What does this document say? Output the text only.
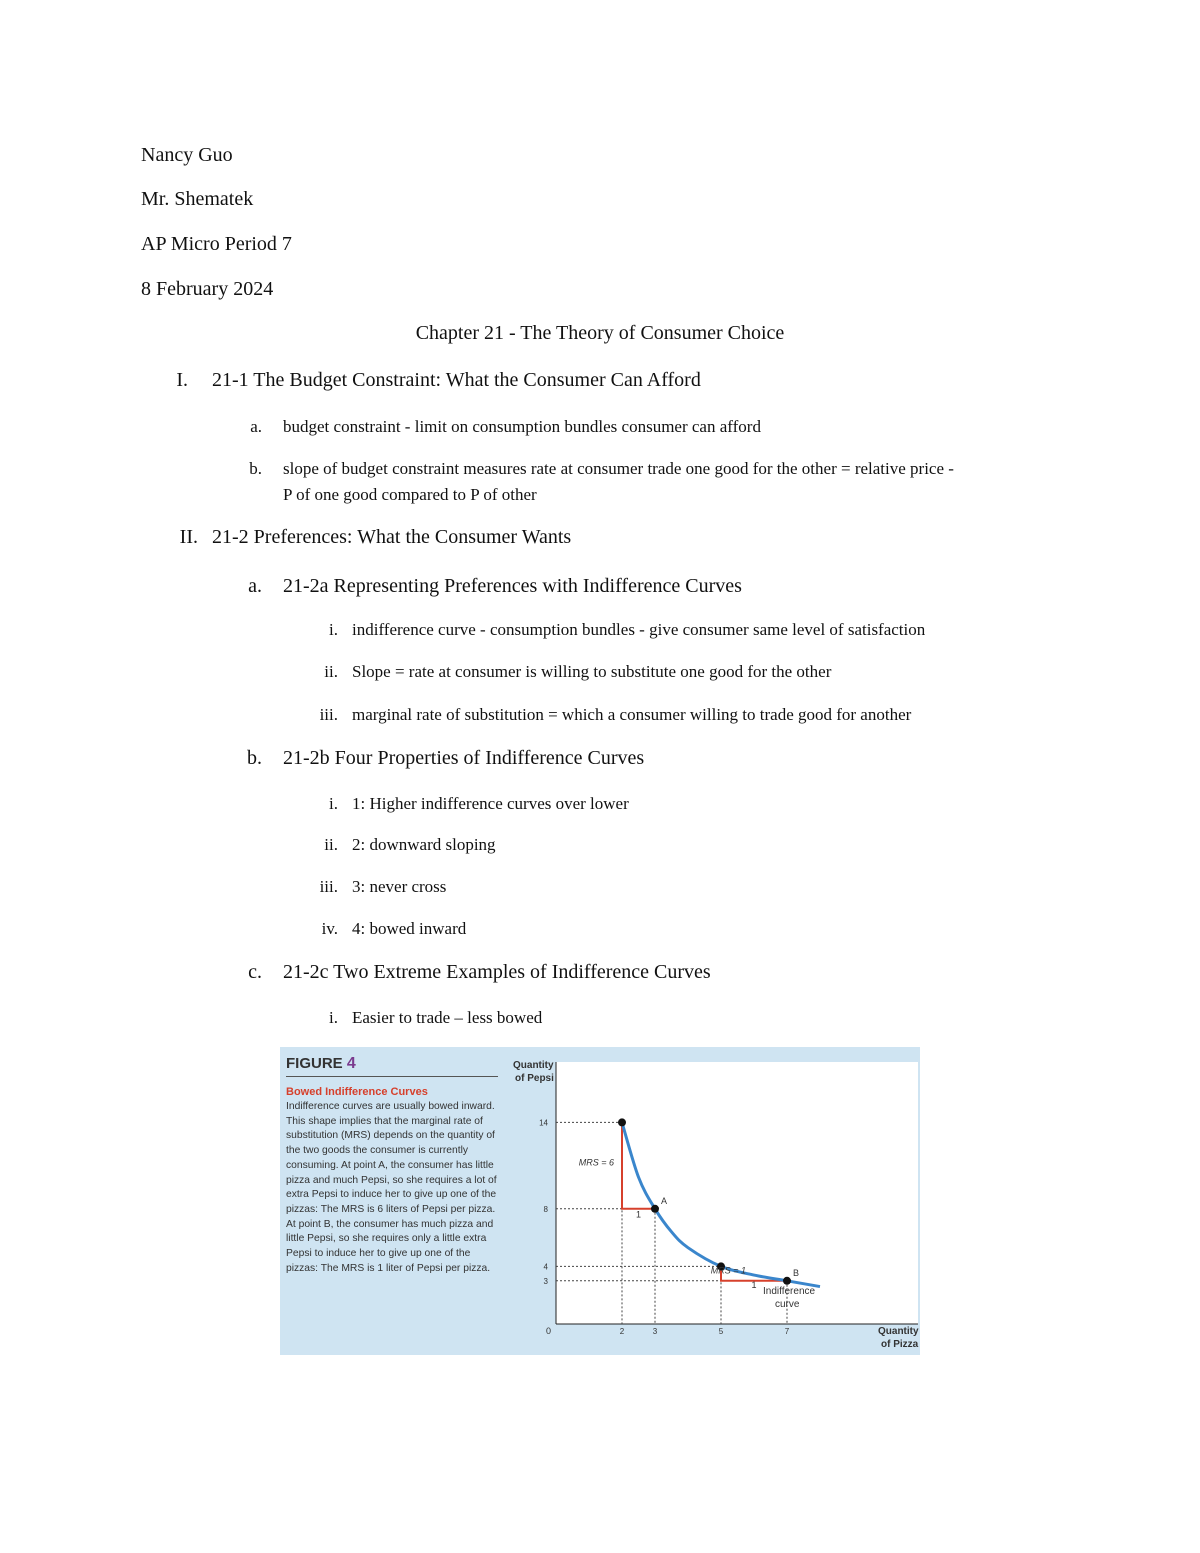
Nancy Guo
Mr. Shematek
AP Micro Period 7
8 February 2024
Chapter 21 - The Theory of Consumer Choice
I. 21-1 The Budget Constraint: What the Consumer Can Afford
a. budget constraint - limit on consumption bundles consumer can afford
b. slope of budget constraint measures rate at consumer trade one good for the other = relative price -
P of one good compared to P of other
II. 21-2 Preferences: What the Consumer Wants
a. 21-2a Representing Preferences with Indifference Curves
i. indifference curve - consumption bundles - give consumer same level of satisfaction
ii. Slope = rate at consumer is willing to substitute one good for the other
iii. marginal rate of substitution = which a consumer willing to trade good for another
b. 21-2b Four Properties of Indifference Curves
i. 1: Higher indifference curves over lower
ii. 2: downward sloping
iii. 3: never cross
iv. 4: bowed inward
c. 21-2c Two Extreme Examples of Indifference Curves
i. Easier to trade – less bowed
FIGURE 4
Bowed Indifference Curves
Indifference curves are usually bowed inward. This shape implies that the marginal rate of substitution (MRS) depends on the quantity of the two goods the consumer is currently consuming. At point A, the consumer has little pizza and much Pepsi, so she requires a lot of extra Pepsi to induce her to give up one of the pizzas: The MRS is 6 liters of Pepsi per pizza. At point B, the consumer has much pizza and little Pepsi, so she requires only a little extra Pepsi to induce her to give up one of the pizzas: The MRS is 1 liter of Pepsi per pizza.
A
B
14
8
4
3
2	3	5	7
MRS = 6
1
MRS = 1
1
Quantity
of Pepsi
Quantity
of Pizza
Indifference
curve
0
